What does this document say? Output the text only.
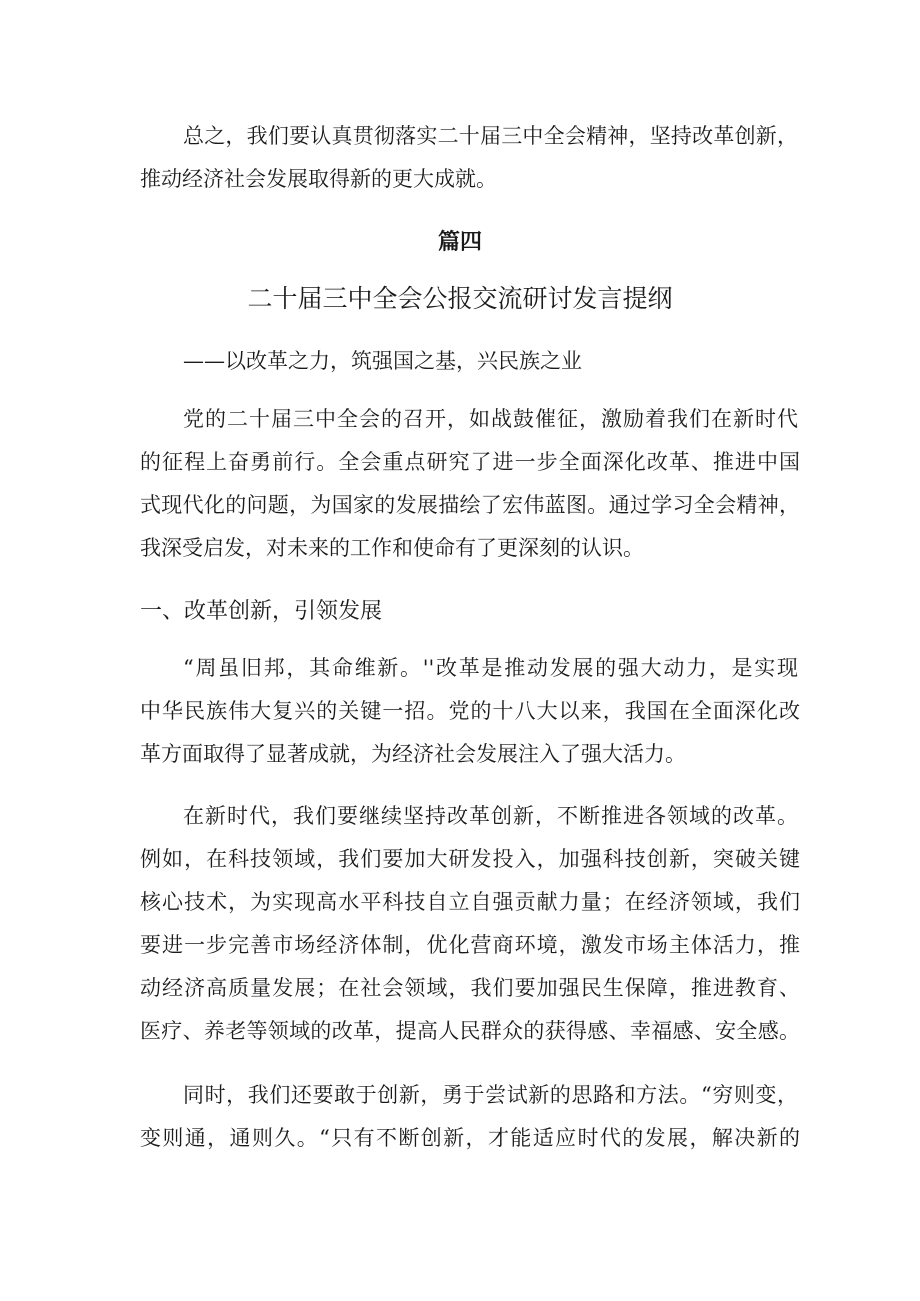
总之，我们要认真贯彻落实二十届三中全会精神，坚持改革创新，
推动经济社会发展取得新的更大成就。
篇四
二十届三中全会公报交流研讨发言提纲
——以改革之力，筑强国之基，兴民族之业
党的二十届三中全会的召开，如战鼓催征，激励着我们在新时代
的征程上奋勇前行。全会重点研究了进一步全面深化改革、推进中国
式现代化的问题，为国家的发展描绘了宏伟蓝图。通过学习全会精神，
我深受启发，对未来的工作和使命有了更深刻的认识。
一、改革创新，引领发展
“周虽旧邦，其命维新。''改革是推动发展的强大动力，是实现
中华民族伟大复兴的关键一招。党的十八大以来，我国在全面深化改
革方面取得了显著成就，为经济社会发展注入了强大活力。
在新时代，我们要继续坚持改革创新，不断推进各领域的改革。
例如，在科技领域，我们要加大研发投入，加强科技创新，突破关键
核心技术，为实现高水平科技自立自强贡献力量；在经济领域，我们
要进一步完善市场经济体制，优化营商环境，激发市场主体活力，推
动经济高质量发展；在社会领域，我们要加强民生保障，推进教育、
医疗、养老等领域的改革，提高人民群众的获得感、幸福感、安全感。
同时，我们还要敢于创新，勇于尝试新的思路和方法。“穷则变，
变则通，通则久。“只有不断创新，才能适应时代的发展，解决新的
